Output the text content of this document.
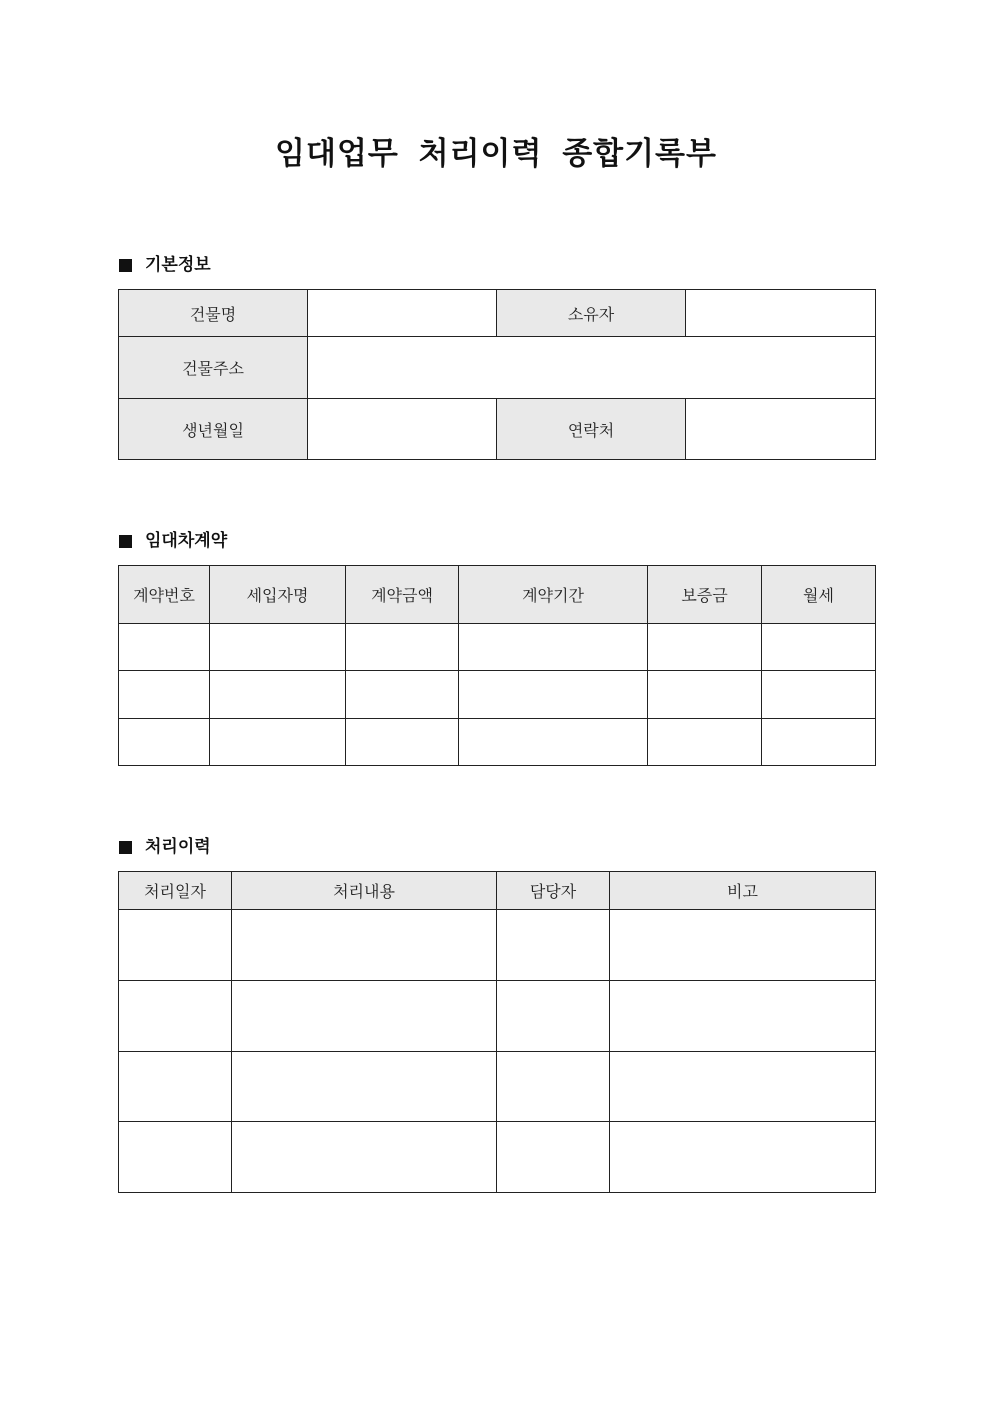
임대업무 처리이력 종합기록부
기본정보
건물명		소유자	
건물주소			
생년월일		연락처	
임대차계약
계약번호	세입자명	계약금액	계약기간	보증금	월세

처리이력
처리일자	처리내용	담당자	비고
